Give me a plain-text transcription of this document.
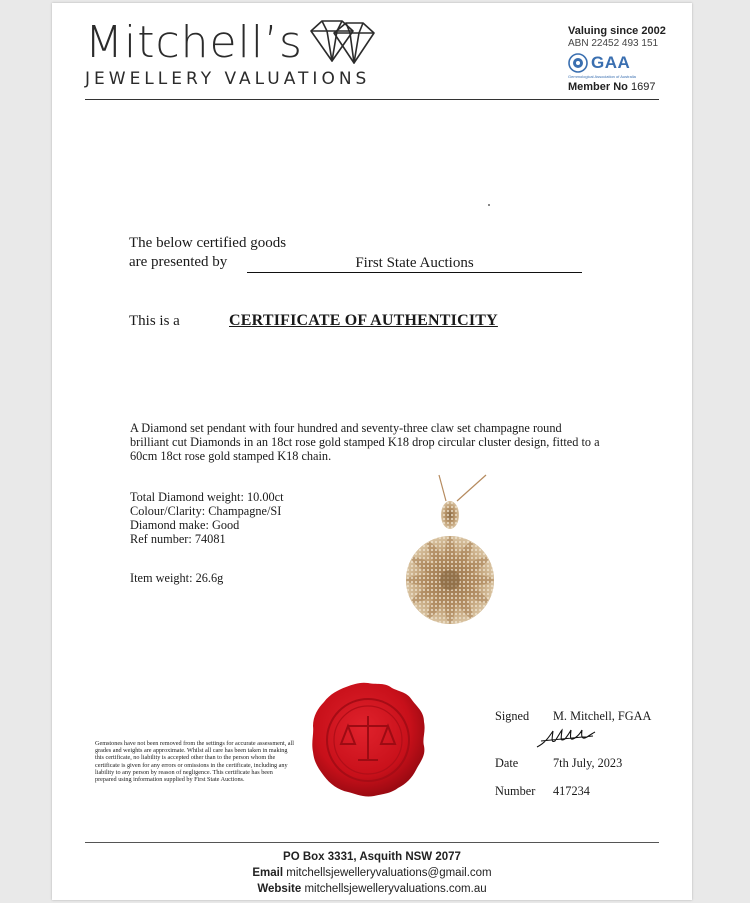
Mitchell’s
JEWELLERY VALUATIONS
Valuing since 2002
ABN 22452 493 151
GAA
Gemmological Association of Australia
Member No 1697
The below certified goods
are presented by	First State Auctions
This is a	CERTIFICATE OF AUTHENTICITY
A Diamond set pendant with four hundred and seventy-three claw set champagne round brilliant cut Diamonds in an 18ct rose gold stamped K18 drop circular cluster design, fitted to a 60cm 18ct rose gold stamped K18 chain.
Total Diamond weight: 10.00ct
Colour/Clarity: Champagne/SI
Diamond make: Good
Ref number: 74081
Item weight: 26.6g
Gemstones have not been removed from the settings for accurate assessment, all grades and weights are approximate. Whilst all care has been taken in making this certificate, no liability is accepted other than to the person whom the certificate is given for any errors or omissions in the certificate, including any liability to any person by reason of negligence. This certificate has been prepared using information supplied by First State Auctions.
Signed M. Mitchell, FGAA
Date	7th July, 2023
Number 417234
PO Box 3331, Asquith NSW 2077
Email mitchellsjewelleryvaluations@gmail.com
Website mitchellsjewelleryvaluations.com.au
